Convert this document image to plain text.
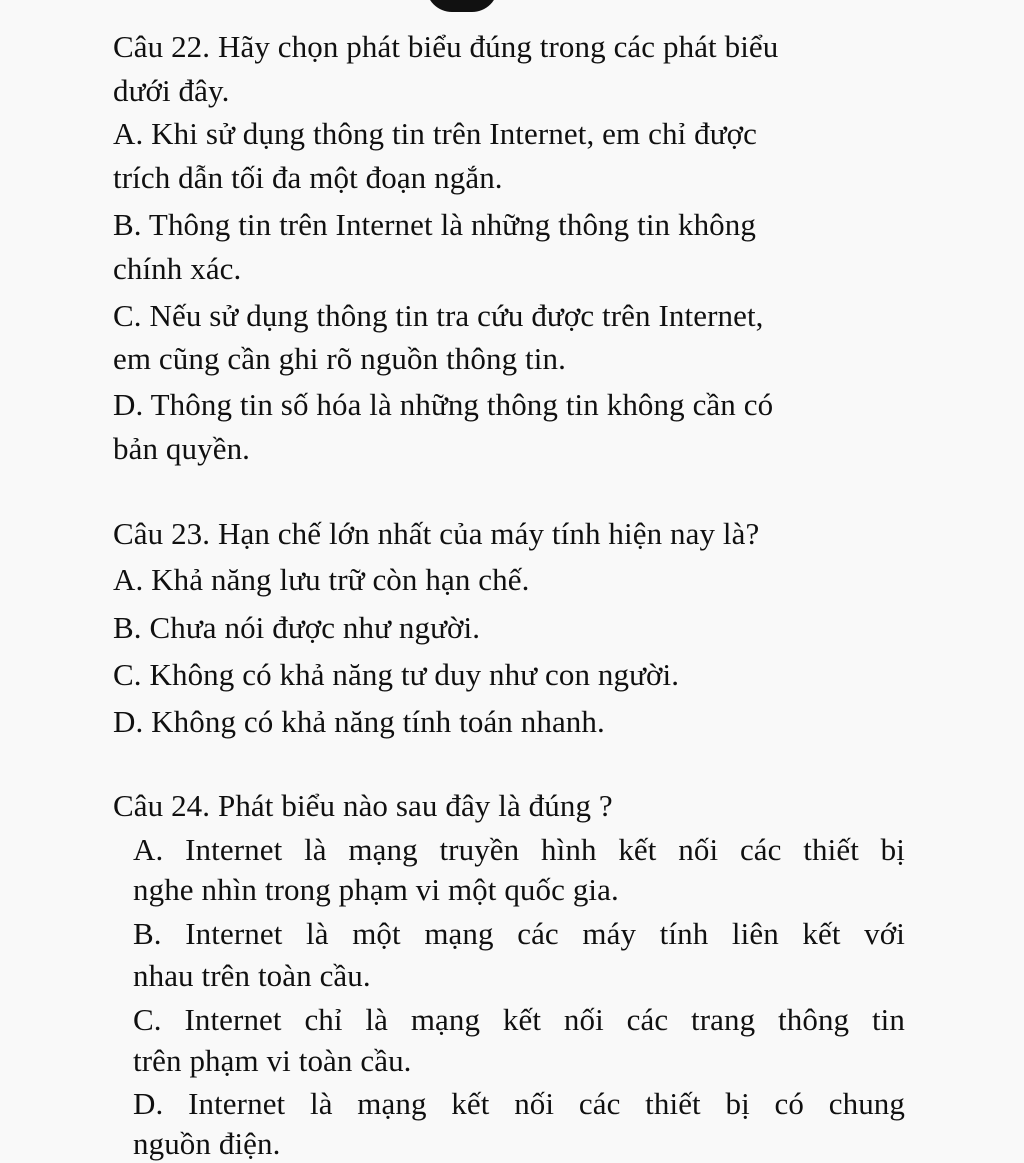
Câu 22. Hãy chọn phát biểu đúng trong các phát biểu
dưới đây.
A. Khi sử dụng thông tin trên Internet, em chỉ được
trích dẫn tối đa một đoạn ngắn.
B. Thông tin trên Internet là những thông tin không
chính xác.
C. Nếu sử dụng thông tin tra cứu được trên Internet,
em cũng cần ghi rõ nguồn thông tin.
D. Thông tin số hóa là những thông tin không cần có
bản quyền.
Câu 23. Hạn chế lớn nhất của máy tính hiện nay là?
A. Khả năng lưu trữ còn hạn chế.
B. Chưa nói được như người.
C. Không có khả năng tư duy như con người.
D. Không có khả năng tính toán nhanh.
Câu 24. Phát biểu nào sau đây là đúng ?
A. Internet là mạng truyền hình kết nối các thiết bị
nghe nhìn trong phạm vi một quốc gia.
B. Internet là một mạng các máy tính liên kết với
nhau trên toàn cầu.
C. Internet chỉ là mạng kết nối các trang thông tin
trên phạm vi toàn cầu.
D. Internet là mạng kết nối các thiết bị có chung
nguồn điện.
